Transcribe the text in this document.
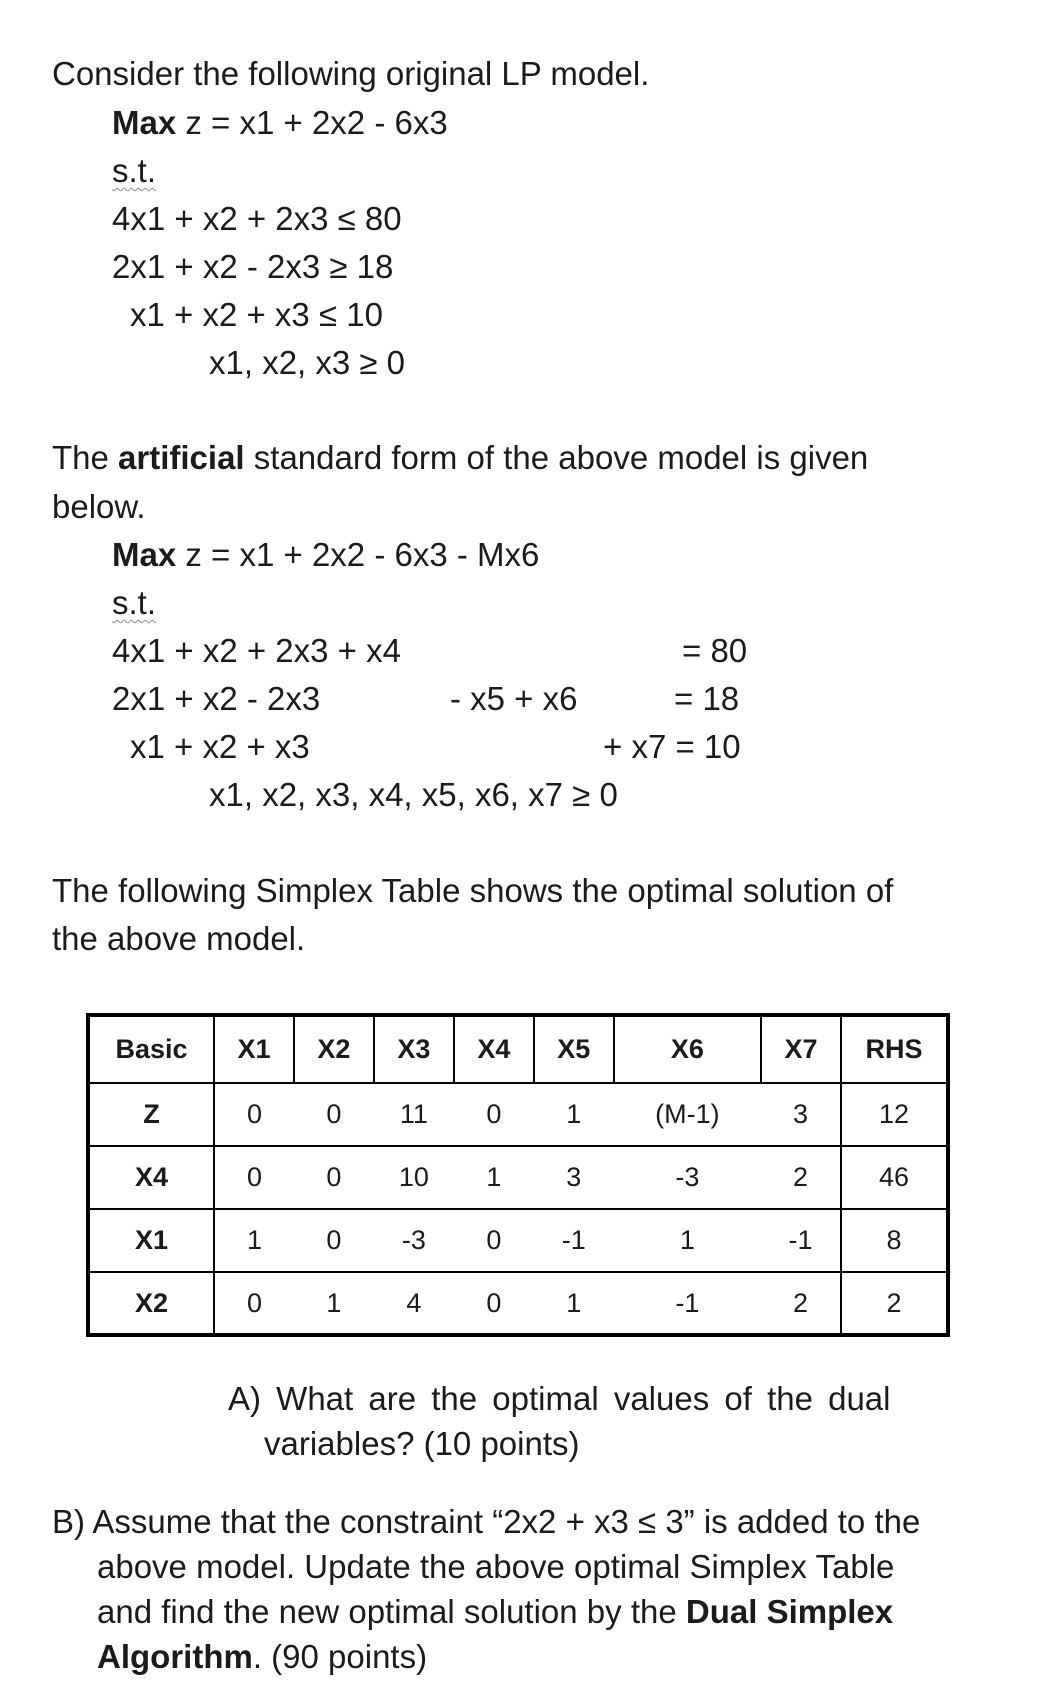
Consider the following original LP model.
Max z = x1 + 2x2 - 6x3
s.t.
4x1 + x2 + 2x3 ≤ 80
2x1 + x2 - 2x3 ≥ 18
x1 + x2 + x3 ≤ 10
x1, x2, x3 ≥ 0
The artificial standard form of the above model is given
below.
Max z = x1 + 2x2 - 6x3 - Mx6
s.t.
4x1 + x2 + 2x3 + x4	= 80
2x1 + x2 - 2x3	- x5 + x6	= 18
x1 + x2 + x3	+ x7 = 10
x1, x2, x3, x4, x5, x6, x7 ≥ 0
The following Simplex Table shows the optimal solution of
the above model.
Basic	X1	X2	X3	X4	X5	X6	X7	RHS
Z	0	0	11	0	1	(M-1)	3	12
X4	0	0	10	1	3	-3	2	46
X1	1	0	-3	0	-1	1	-1	8
X2	0	1	4	0	1	-1	2	2
A) What are the optimal values of the dual
variables? (10 points)
B) Assume that the constraint “2x2 + x3 ≤ 3” is added to the
above model. Update the above optimal Simplex Table
and find the new optimal solution by the Dual Simplex
Algorithm. (90 points)
